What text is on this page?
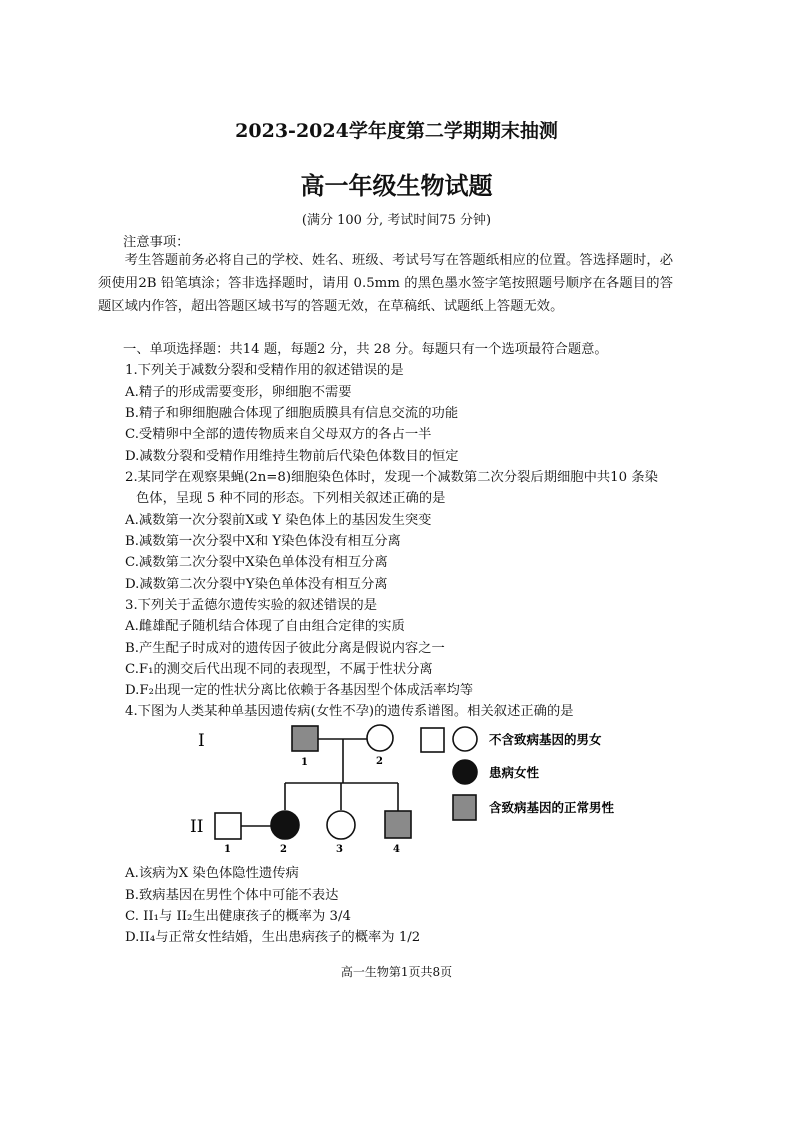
2023-2024学年度第二学期期末抽测
高一年级生物试题
(满分 100 分, 考试时间75 分钟)
注意事项：
考生答题前务必将自己的学校、姓名、班级、考试号写在答题纸相应的位置。答选择题时，必须使用2B 铅笔填涂；答非选择题时，请用 0.5mm 的黑色墨水签字笔按照题号顺序在各题目的答题区域内作答，超出答题区域书写的答题无效，在草稿纸、试题纸上答题无效。
一、单项选择题：共14 题，每题2 分，共 28 分。每题只有一个选项最符合题意。
1.下列关于减数分裂和受精作用的叙述错误的是
A.精子的形成需要变形，卵细胞不需要
B.精子和卵细胞融合体现了细胞质膜具有信息交流的功能
C.受精卵中全部的遗传物质来自父母双方的各占一半
D.减数分裂和受精作用维持生物前后代染色体数目的恒定
2.某同学在观察果蝇(2n=8)细胞染色体时，发现一个减数第二次分裂后期细胞中共10 条染
色体，呈现 5 种不同的形态。下列相关叙述正确的是
A.减数第一次分裂前X或 Y 染色体上的基因发生突变
B.减数第一次分裂中X和 Y染色体没有相互分离
C.减数第二次分裂中X染色单体没有相互分离
D.减数第二次分裂中Y染色单体没有相互分离
3.下列关于孟德尔遗传实验的叙述错误的是
A.雌雄配子随机结合体现了自由组合定律的实质
B.产生配子时成对的遗传因子彼此分离是假说内容之一
C.F₁的测交后代出现不同的表现型，不属于性状分离
D.F₂出现一定的性状分离比依赖于各基因型个体成活率均等
4.下图为人类某种单基因遗传病(女性不孕)的遗传系谱图。相关叙述正确的是
I
II
1	2
1	2	3	4
不含致病基因的男女
患病女性
含致病基因的正常男性
A.该病为X 染色体隐性遗传病
B.致病基因在男性个体中可能不表达
C. II₁与 II₂生出健康孩子的概率为 3/4
D.II₄与正常女性结婚，生出患病孩子的概率为 1/2
高一生物第1页共8页
